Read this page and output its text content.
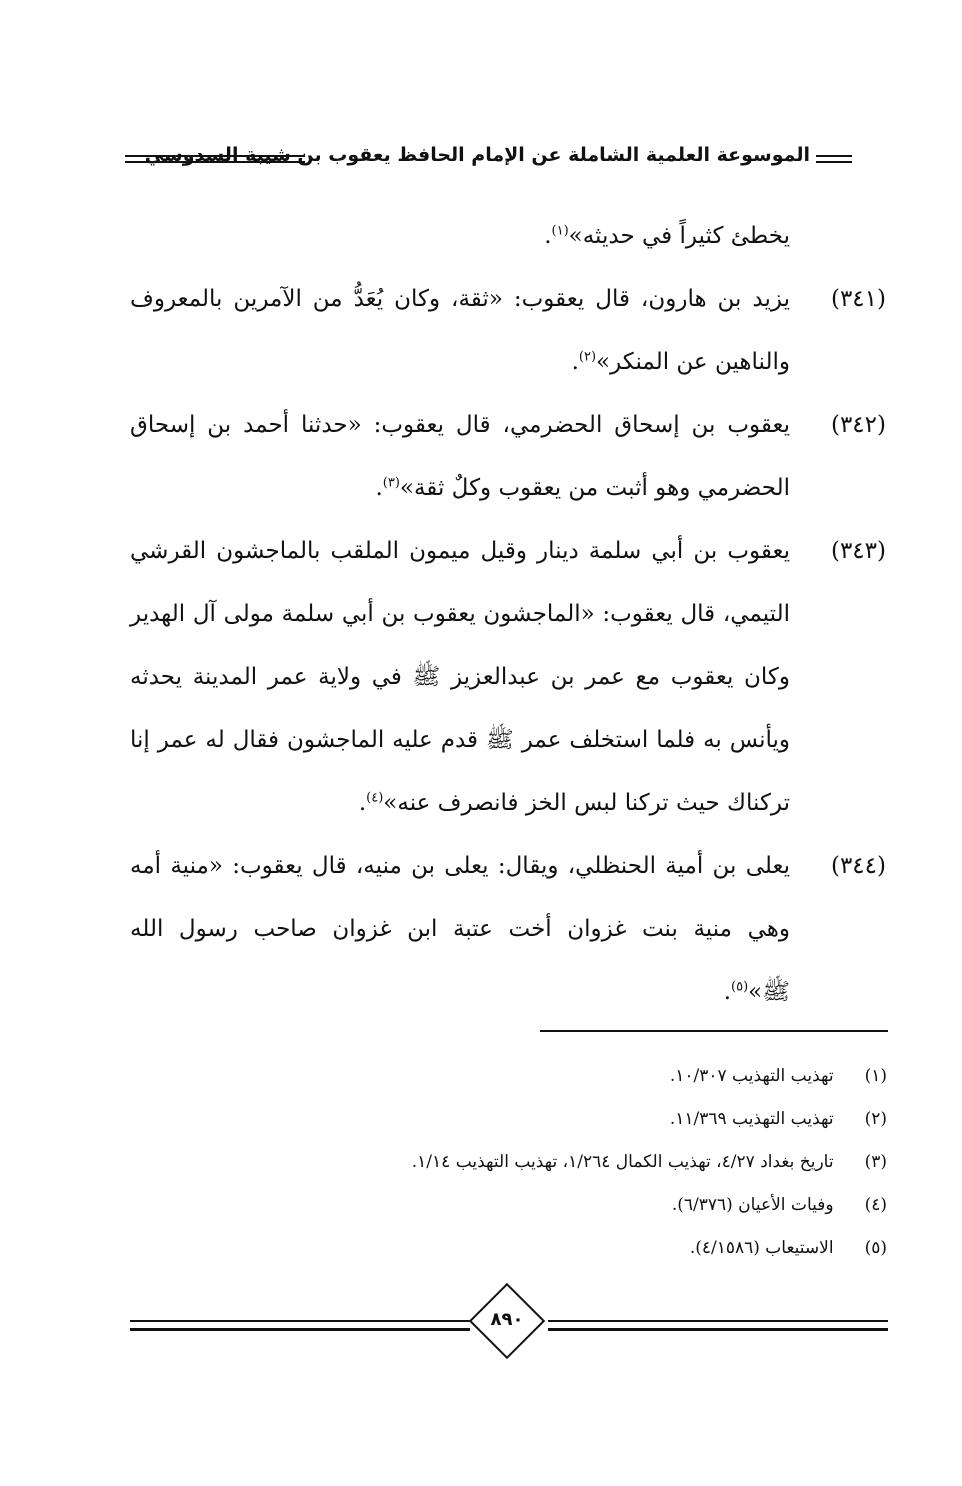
الموسوعة العلمية الشاملة عن الإمام الحافظ يعقوب بن شيبة السدوسي
يخطئ كثيراً في حديثه»$^{(١)}$.
(٣٤١)
يزيد بن هارون، قال يعقوب: «ثقة، وكان يُعَدُّ من الآمرين بالمعروف
والناهين عن المنكر»$^{(٢)}$.
(٣٤٢)
يعقوب بن إسحاق الحضرمي، قال يعقوب: «حدثنا أحمد بن إسحاق
الحضرمي وهو أثبت من يعقوب وكلٌ ثقة»$^{(٣)}$.
(٣٤٣)
يعقوب بن أبي سلمة دينار وقيل ميمون الملقب بالماجشون القرشي
التيمي، قال يعقوب: «الماجشون يعقوب بن أبي سلمة مولى آل الهدير
وكان يعقوب مع عمر بن عبدالعزيز ﷺ في ولاية عمر المدينة يحدثه
ويأنس به فلما استخلف عمر ﷺ قدم عليه الماجشون فقال له عمر إنا
تركناك حيث تركنا لبس الخز فانصرف عنه»$^{(٤)}$.
(٣٤٤)
يعلى بن أمية الحنظلي، ويقال: يعلى بن منيه، قال يعقوب: «منية أمه
وهي منية بنت غزوان أخت عتبة ابن غزوان صاحب رسول الله
ﷺ»$^{(٥)}$.
(١) تهذيب التهذيب ١٠/٣٠٧.
(٢) تهذيب التهذيب ١١/٣٦٩.
(٣) تاريخ بغداد ٤/٢٧، تهذيب الكمال ١/٢٦٤، تهذيب التهذيب ١/١٤.
(٤) وفيات الأعيان (٦/٣٧٦).
(٥) الاستيعاب (٤/١٥٨٦).
٨٩٠
